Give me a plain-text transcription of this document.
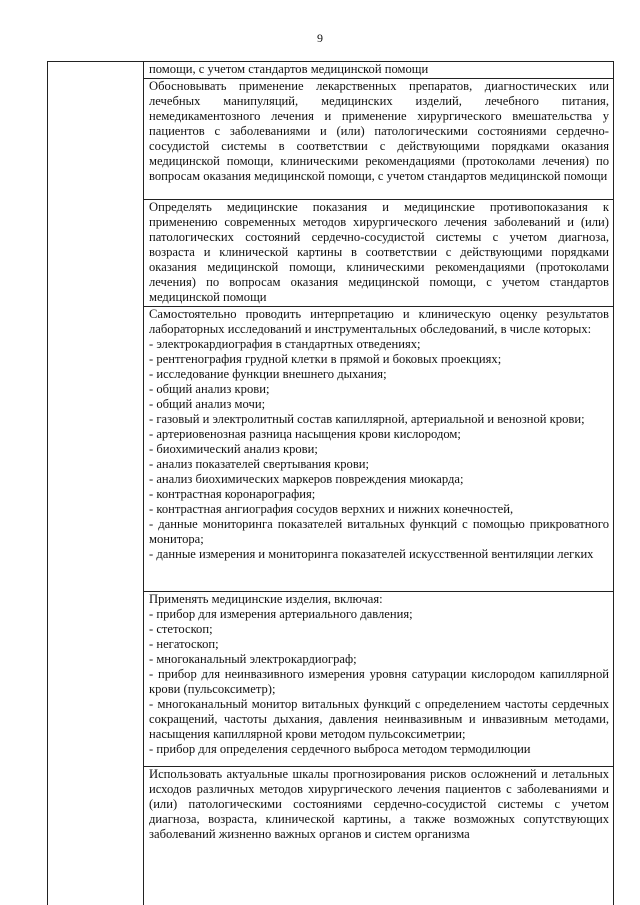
9

помощи, с учетом стандартов медицинской помощи

Обосновывать применение лекарственных препаратов, диагностических или лечебных манипуляций, медицинских изделий, лечебного питания, немедикаментозного лечения и применение хирургического вмешательства у пациентов с заболеваниями и (или) патологическими состояниями сердечно-сосудистой системы в соответствии с действующими порядками оказания медицинской помощи, клиническими рекомендациями (протоколами лечения) по вопросам оказания медицинской помощи, с учетом стандартов медицинской помощи

Определять медицинские показания и медицинские противопоказания к применению современных методов хирургического лечения заболеваний и (или) патологических состояний сердечно-сосудистой системы с учетом диагноза, возраста и клинической картины в соответствии с действующими порядками оказания медицинской помощи, клиническими рекомендациями (протоколами лечения) по вопросам оказания медицинской помощи, с учетом стандартов медицинской помощи

Самостоятельно проводить интерпретацию и клиническую оценку результатов лабораторных исследований и инструментальных обследований, в числе которых:
- электрокардиография в стандартных отведениях;
- рентгенография грудной клетки в прямой и боковых проекциях;
- исследование функции внешнего дыхания;
- общий анализ крови;
- общий анализ мочи;
- газовый и электролитный состав капиллярной, артериальной и венозной крови;
- артериовенозная разница насыщения крови кислородом;
- биохимический анализ крови;
- анализ показателей свертывания крови;
- анализ биохимических маркеров повреждения миокарда;
- контрастная коронарография;
- контрастная ангиография сосудов верхних и нижних конечностей,
- данные мониторинга показателей витальных функций с помощью прикроватного монитора;
- данные измерения и мониторинга показателей искусственной вентиляции легких

Применять медицинские изделия, включая:
- прибор для измерения артериального давления;
- стетоскоп;
- негатоскоп;
- многоканальный электрокардиограф;
- прибор для неинвазивного измерения уровня сатурации кислородом капиллярной крови (пульсоксиметр);
- многоканальный монитор витальных функций с определением частоты сердечных сокращений, частоты дыхания, давления неинвазивным и инвазивным методами, насыщения капиллярной крови методом пульсоксиметрии;
- прибор для определения сердечного выброса методом термодилюции

Использовать актуальные шкалы прогнозирования рисков осложнений и летальных исходов различных методов хирургического лечения пациентов с заболеваниями и (или) патологическими состояниями сердечно-сосудистой системы с учетом диагноза, возраста, клинической картины, а также возможных сопутствующих заболеваний жизненно важных органов и систем организма
